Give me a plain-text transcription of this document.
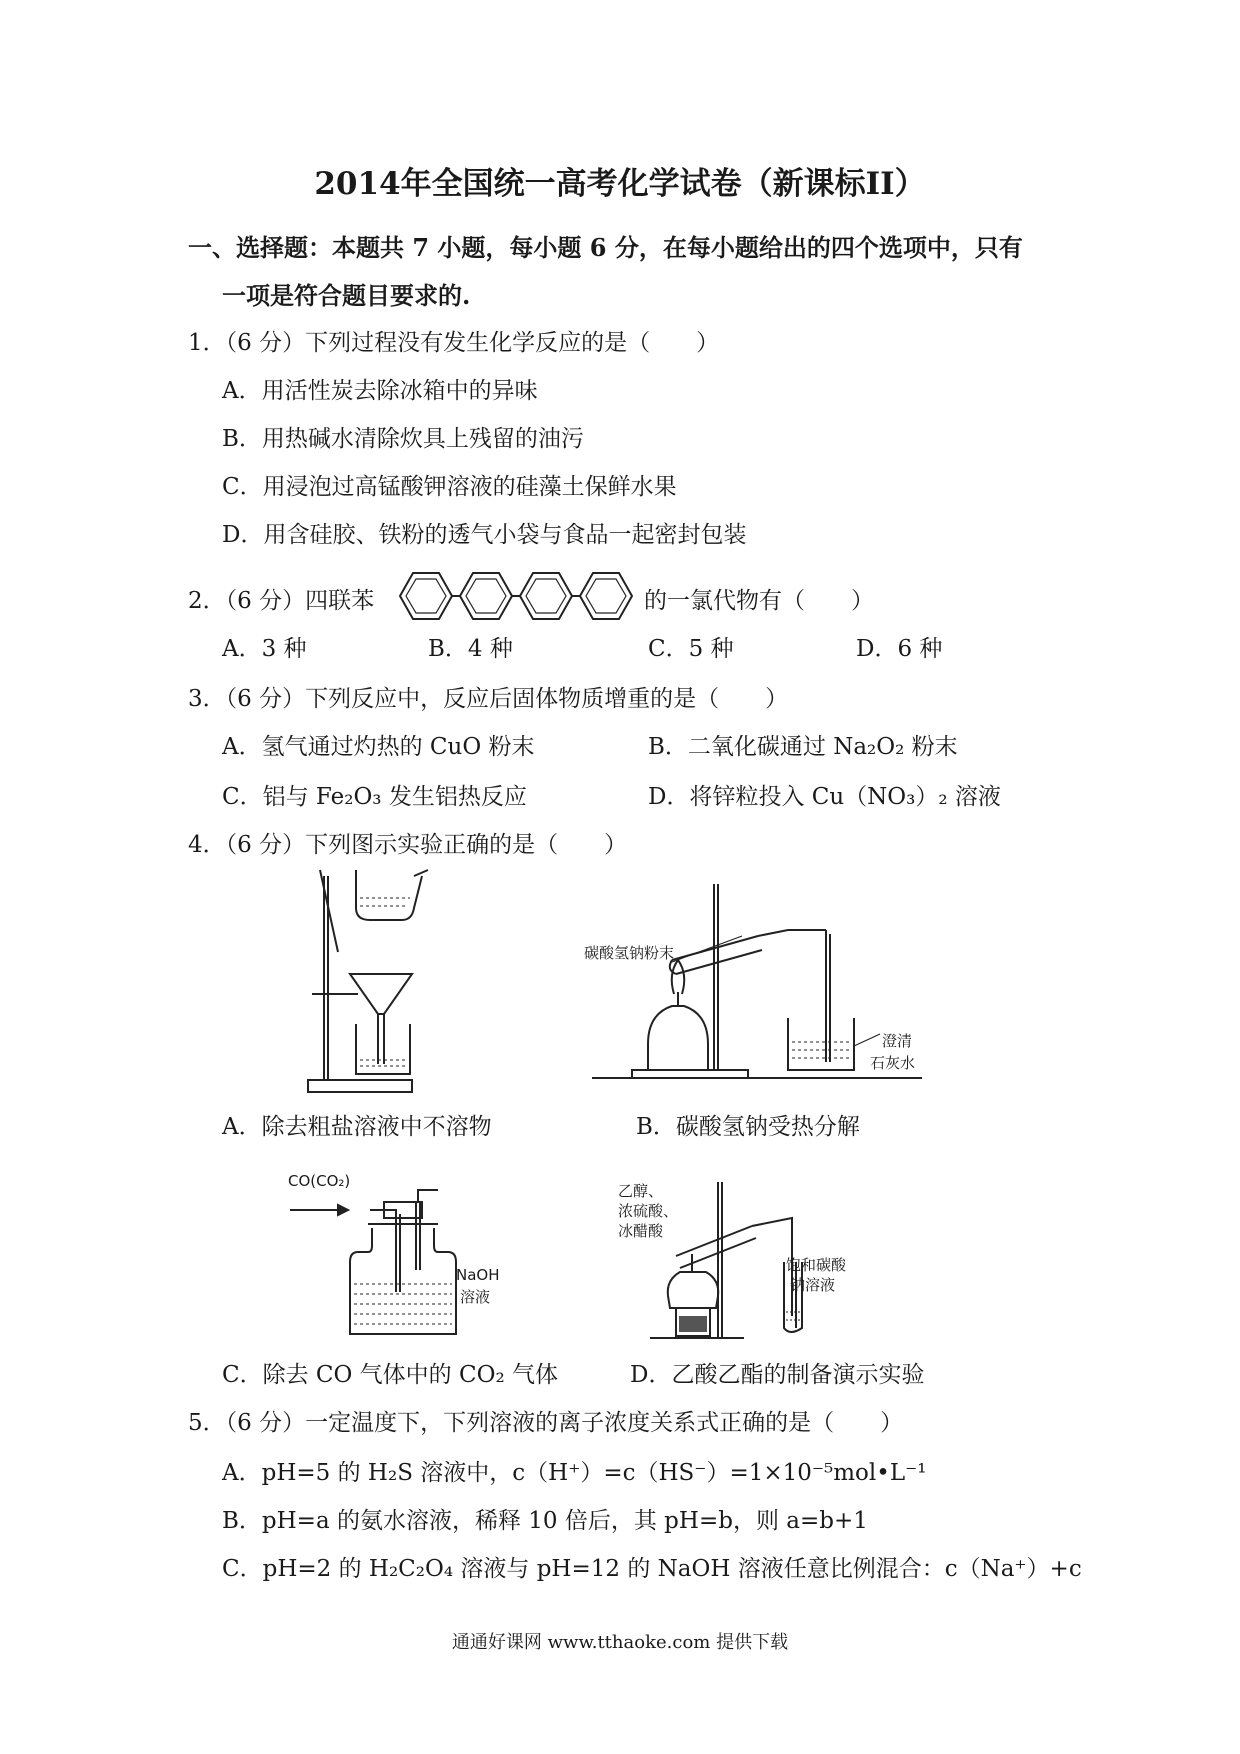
2014年全国统一高考化学试卷（新课标II）
一、选择题：本题共 7 小题，每小题 6 分，在每小题给出的四个选项中，只有
一项是符合题目要求的.
1．（6 分）下列过程没有发生化学反应的是（　　）
A．用活性炭去除冰箱中的异味
B．用热碱水清除炊具上残留的油污
C．用浸泡过高锰酸钾溶液的硅藻土保鲜水果
D．用含硅胶、铁粉的透气小袋与食品一起密封包装
2．（6 分）四联苯	的一氯代物有（　　）
A．3 种	B．4 种	C．5 种	D．6 种
3．（6 分）下列反应中，反应后固体物质增重的是（　　）
A．氢气通过灼热的 CuO 粉末	B．二氧化碳通过 Na₂O₂ 粉末
C．铝与 Fe₂O₃ 发生铝热反应	D．将锌粒投入 Cu（NO₃）₂ 溶液
4．（6 分）下列图示实验正确的是（　　）
碳酸氢钠粉末
澄清
石灰水
A．除去粗盐溶液中不溶物	B．碳酸氢钠受热分解
CO(CO₂)
NaOH
溶液
乙醇、
浓硫酸、
冰醋酸
饱和碳酸
钠溶液
C．除去 CO 气体中的 CO₂ 气体	D．乙酸乙酯的制备演示实验
5．（6 分）一定温度下，下列溶液的离子浓度关系式正确的是（　　）
A．pH=5 的 H₂S 溶液中，c（H⁺）=c（HS⁻）=1×10⁻⁵mol•L⁻¹
B．pH=a 的氨水溶液，稀释 10 倍后，其 pH=b，则 a=b+1
C．pH=2 的 H₂C₂O₄ 溶液与 pH=12 的 NaOH 溶液任意比例混合：c（Na⁺）+c
通通好课网 www.tthaoke.com 提供下载
